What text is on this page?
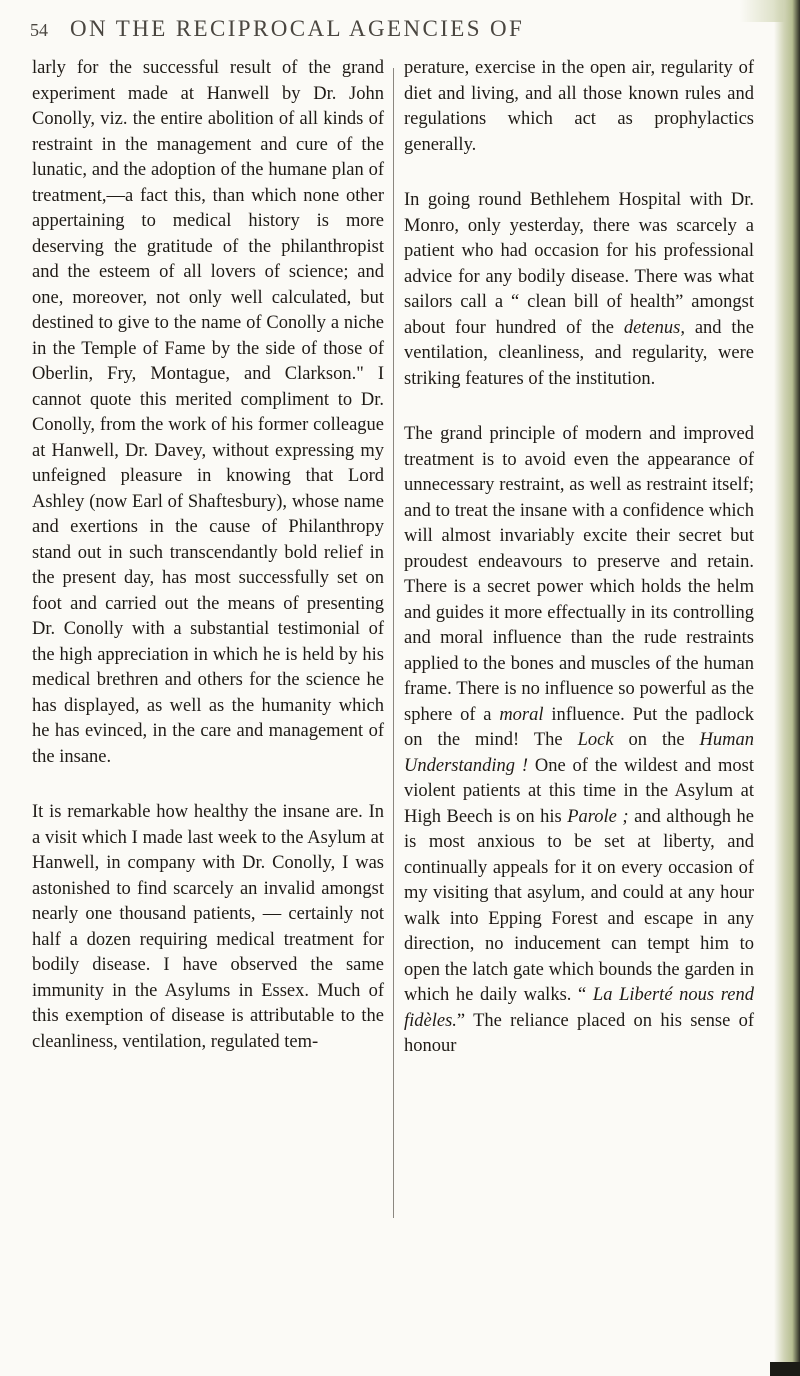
54 ON THE RECIPROCAL AGENCIES OF

larly for the successful result of the grand experiment made at Hanwell by Dr. John Conolly, viz. the entire abolition of all kinds of restraint in the management and cure of the lunatic, and the adoption of the humane plan of treatment,—a fact this, than which none other appertaining to medical history is more deserving the gratitude of the philanthropist and the esteem of all lovers of science; and one, moreover, not only well calculated, but destined to give to the name of Conolly a niche in the Temple of Fame by the side of those of Oberlin, Fry, Montague, and Clarkson." I cannot quote this merited compliment to Dr. Conolly, from the work of his former colleague at Hanwell, Dr. Davey, without expressing my unfeigned pleasure in knowing that Lord Ashley (now Earl of Shaftesbury), whose name and exertions in the cause of Philanthropy stand out in such transcendantly bold relief in the present day, has most successfully set on foot and carried out the means of presenting Dr. Conolly with a substantial testimonial of the high appreciation in which he is held by his medical brethren and others for the science he has displayed, as well as the humanity which he has evinced, in the care and management of the insane.

It is remarkable how healthy the insane are. In a visit which I made last week to the Asylum at Hanwell, in company with Dr. Conolly, I was astonished to find scarcely an invalid amongst nearly one thousand patients, — certainly not half a dozen requiring medical treatment for bodily disease. I have observed the same immunity in the Asylums in Essex. Much of this exemption of disease is attributable to the cleanliness, ventilation, regulated tem-

perature, exercise in the open air, regularity of diet and living, and all those known rules and regulations which act as prophylactics generally.

In going round Bethlehem Hospital with Dr. Monro, only yesterday, there was scarcely a patient who had occasion for his professional advice for any bodily disease. There was what sailors call a “ clean bill of health” amongst about four hundred of the detenus, and the ventilation, cleanliness, and regularity, were striking features of the institution.

The grand principle of modern and improved treatment is to avoid even the appearance of unnecessary restraint, as well as restraint itself; and to treat the insane with a confidence which will almost invariably excite their secret but proudest endeavours to preserve and retain. There is a secret power which holds the helm and guides it more effectually in its controlling and moral influence than the rude restraints applied to the bones and muscles of the human frame. There is no influence so powerful as the sphere of a moral influence. Put the padlock on the mind! The Lock on the Human Understanding ! One of the wildest and most violent patients at this time in the Asylum at High Beech is on his Parole ; and although he is most anxious to be set at liberty, and continually appeals for it on every occasion of my visiting that asylum, and could at any hour walk into Epping Forest and escape in any direction, no inducement can tempt him to open the latch gate which bounds the garden in which he daily walks. “ La Liberté nous rend fidèles.” The reliance placed on his sense of honour
